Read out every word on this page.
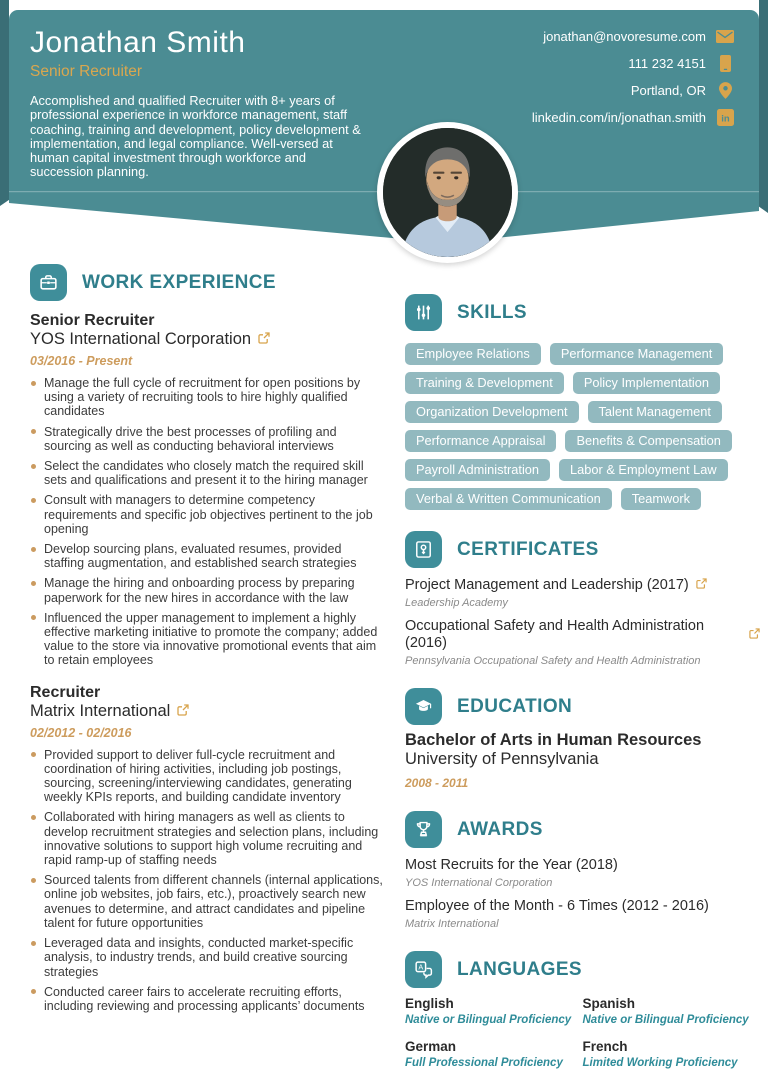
Jonathan Smith
Senior Recruiter

Accomplished and qualified Recruiter with 8+ years of professional experience in workforce management, staff coaching, training and development, policy development & implementation, and legal compliance. Well-versed at human capital investment through workforce and succession planning.

jonathan@novoresume.com
111 232 4151
Portland, OR
linkedin.com/in/jonathan.smith in
WORK EXPERIENCE
Senior Recruiter
YOS International Corporation
03/2016 - Present
Manage the full cycle of recruitment for open positions by using a variety of recruiting tools to hire highly qualified candidates
Strategically drive the best processes of profiling and sourcing as well as conducting behavioral interviews
Select the candidates who closely match the required skill sets and qualifications and present it to the hiring manager
Consult with managers to determine competency requirements and specific job objectives pertinent to the job opening
Develop sourcing plans, evaluated resumes, provided staffing augmentation, and established search strategies
Manage the hiring and onboarding process by preparing paperwork for the new hires in accordance with the law
Influenced the upper management to implement a highly effective marketing initiative to promote the company; added value to the store via innovative promotional events that aim to retain employees
Recruiter
Matrix International
02/2012 - 02/2016
Provided support to deliver full-cycle recruitment and coordination of hiring activities, including job postings, sourcing, screening/interviewing candidates, generating weekly KPIs reports, and building candidate inventory
Collaborated with hiring managers as well as clients to develop recruitment strategies and selection plans, including innovative solutions to support high volume recruiting and rapid ramp-up of staffing needs
Sourced talents from different channels (internal applications, online job websites, job fairs, etc.), proactively search new avenues to determine, and attract candidates and pipeline talent for future opportunities
Leveraged data and insights, conducted market-specific analysis, to industry trends, and build creative sourcing strategies
Conducted career fairs to accelerate recruiting efforts, including reviewing and processing applicants’ documents
SKILLS
Employee Relations	Performance Management
Training & Development	Policy Implementation
Organization Development	Talent Management
Performance Appraisal	Benefits & Compensation
Payroll Administration	Labor & Employment Law
Verbal & Written Communication	Teamwork
CERTIFICATES
Project Management and Leadership (2017)
Leadership Academy
Occupational Safety and Health Administration (2016)
Pennsylvania Occupational Safety and Health Administration
EDUCATION
Bachelor of Arts in Human Resources
University of Pennsylvania
2008 - 2011
AWARDS
Most Recruits for the Year (2018)
YOS International Corporation
Employee of the Month - 6 Times (2012 - 2016)
Matrix International
A LANGUAGES
English
Native or Bilingual Proficiency
Spanish
Native or Bilingual Proficiency
German
Full Professional Proficiency
French
Limited Working Proficiency
